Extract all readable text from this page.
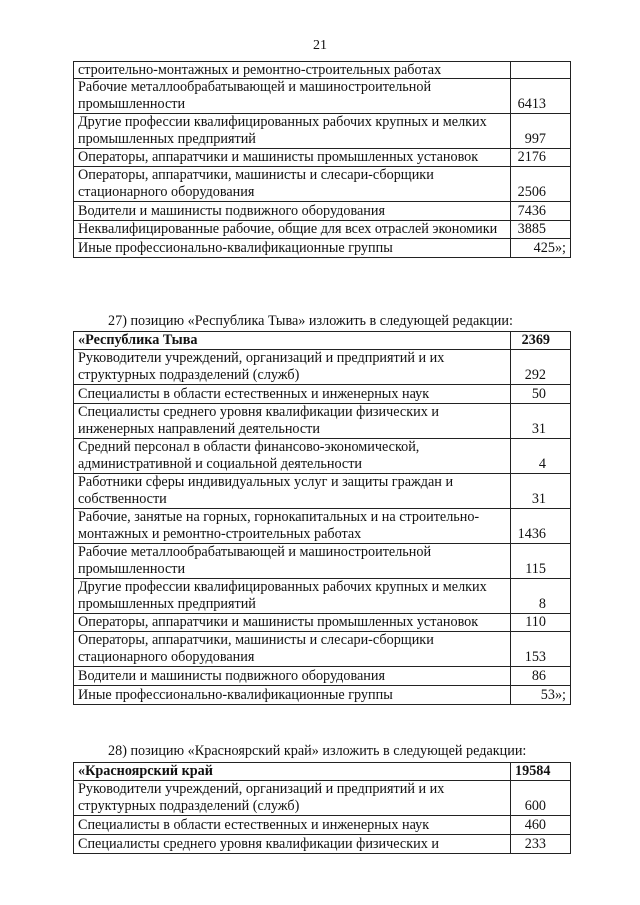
21
строительно-монтажных и ремонтно-строительных работах	
Рабочие металлообрабатывающей и машиностроительной промышленности	6413
Другие профессии квалифицированных рабочих крупных и мелких промышленных предприятий	997
Операторы, аппаратчики и машинисты промышленных установок	2176
Операторы, аппаратчики, машинисты и слесари-сборщики стационарного оборудования	2506
Водители и машинисты подвижного оборудования	7436
Неквалифицированные рабочие, общие для всех отраслей экономики	3885
Иные профессионально-квалификационные группы	425»;
27) позицию «Республика Тыва» изложить в следующей редакции:
«Республика Тыва	2369
Руководители учреждений, организаций и предприятий и их структурных подразделений (служб)	292
Специалисты в области естественных и инженерных наук	50
Специалисты среднего уровня квалификации физических и инженерных направлений деятельности	31
Средний персонал в области финансово-экономической, административной и социальной деятельности	4
Работники сферы индивидуальных услуг и защиты граждан и собственности	31
Рабочие, занятые на горных, горнокапитальных и на строительно-монтажных и ремонтно-строительных работах	1436
Рабочие металлообрабатывающей и машиностроительной промышленности	115
Другие профессии квалифицированных рабочих крупных и мелких промышленных предприятий	8
Операторы, аппаратчики и машинисты промышленных установок	110
Операторы, аппаратчики, машинисты и слесари-сборщики стационарного оборудования	153
Водители и машинисты подвижного оборудования	86
Иные профессионально-квалификационные группы	53»;
28) позицию «Красноярский край» изложить в следующей редакции:
«Красноярский край	19584
Руководители учреждений, организаций и предприятий и их структурных подразделений (служб)	600
Специалисты в области естественных и инженерных наук	460
Специалисты среднего уровня квалификации физических и	233
